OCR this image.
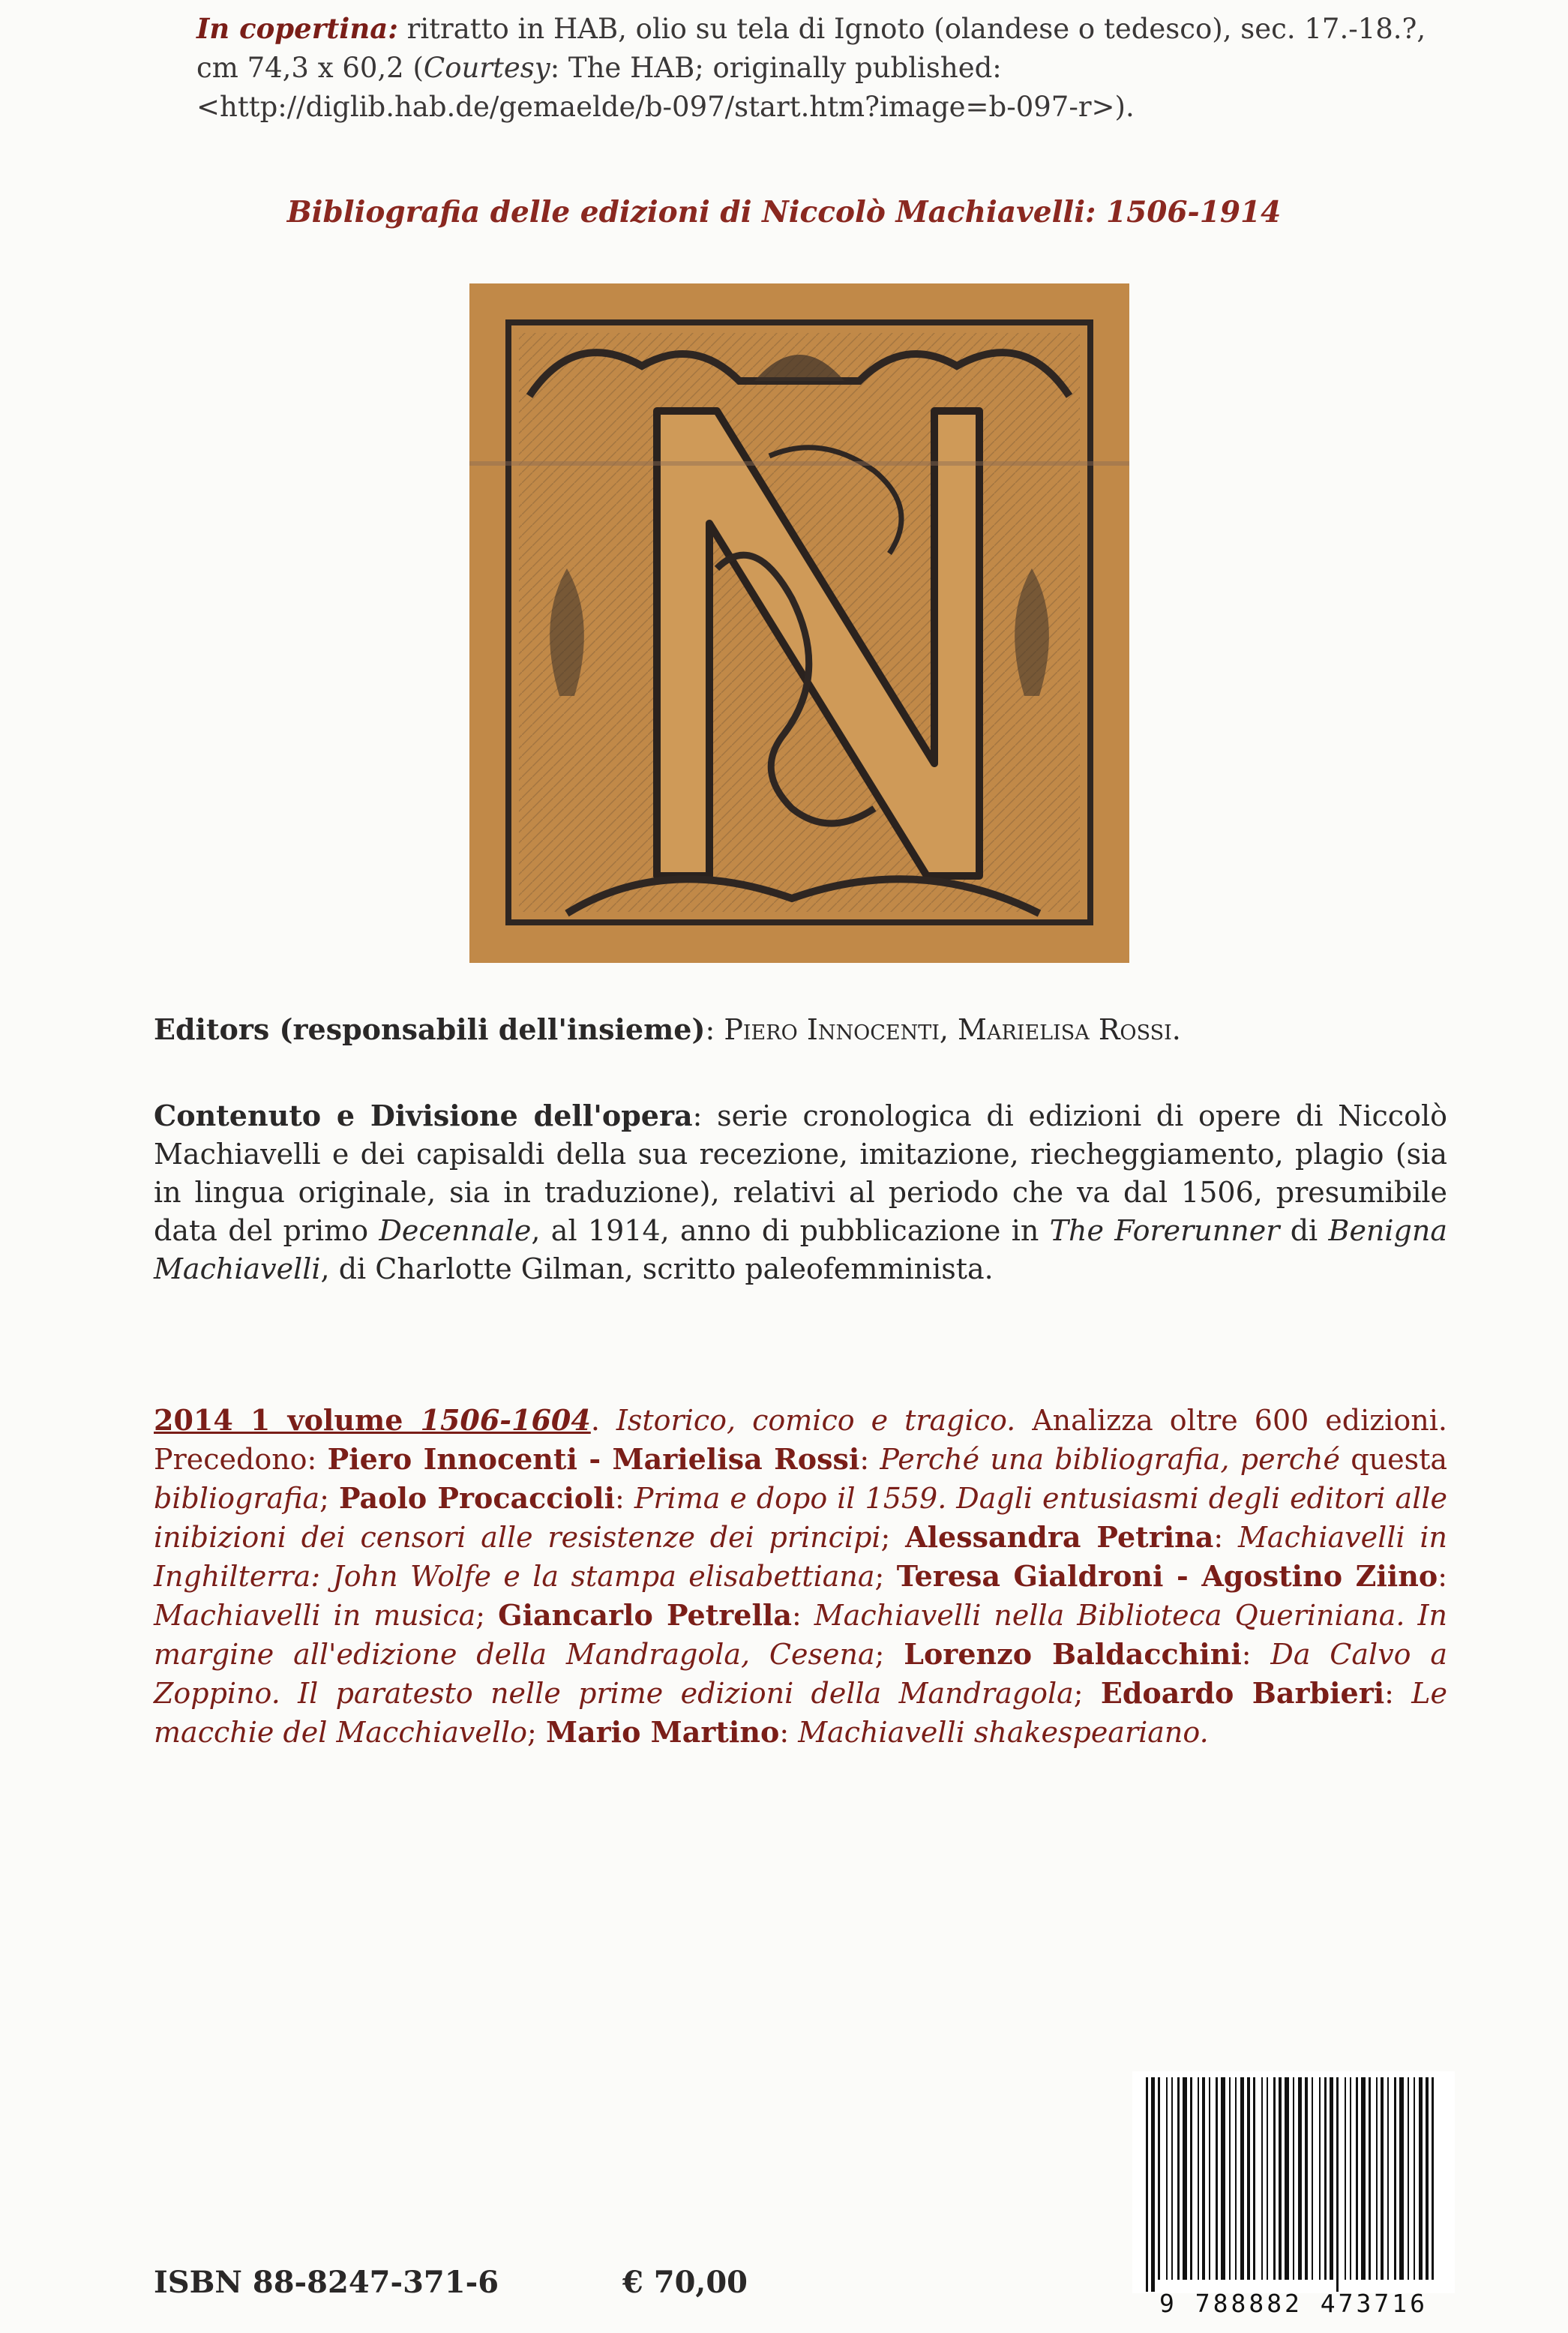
In copertina: ritratto in HAB, olio su tela di Ignoto (olandese o tedesco), sec. 17.-18.?, cm 74,3 x 60,2 (Courtesy: The HAB; originally published: <http://diglib.hab.de/gemaelde/b-097/start.htm?image=b-097-r>).
Bibliografia delle edizioni di Niccolò Machiavelli: 1506-1914
Editors (responsabili dell'insieme): Piero Innocenti, Marielisa Rossi.
Contenuto e Divisione dell'opera: serie cronologica di edizioni di opere di Niccolò Machiavelli e dei capisaldi della sua recezione, imitazione, riecheggiamento, plagio (sia in lingua originale, sia in traduzione), relativi al periodo che va dal 1506, presumibile data del primo Decennale, al 1914, anno di pubblicazione in The Forerunner di Benigna Machiavelli, di Charlotte Gilman, scritto paleofemminista.
2014 1 volume 1506-1604. Istorico, comico e tragico. Analizza oltre 600 edizioni. Precedono: Piero Innocenti - Marielisa Rossi: Perché una bibliografia, perché questa bibliografia; Paolo Procaccioli: Prima e dopo il 1559. Dagli entusiasmi degli editori alle inibizioni dei censori alle resistenze dei principi; Alessandra Petrina: Machiavelli in Inghilterra: John Wolfe e la stampa elisabettiana; Teresa Gialdroni - Agostino Ziino: Machiavelli in musica; Giancarlo Petrella: Machiavelli nella Biblioteca Queriniana. In margine all'edizione della Mandragola, Cesena; Lorenzo Baldacchini: Da Calvo a Zoppino. Il paratesto nelle prime edizioni della Mandragola; Edoardo Barbieri: Le macchie del Macchiavello; Mario Martino: Machiavelli shakespeariano.
ISBN 88-8247-371-6	€ 70,00
9 788882 473716
